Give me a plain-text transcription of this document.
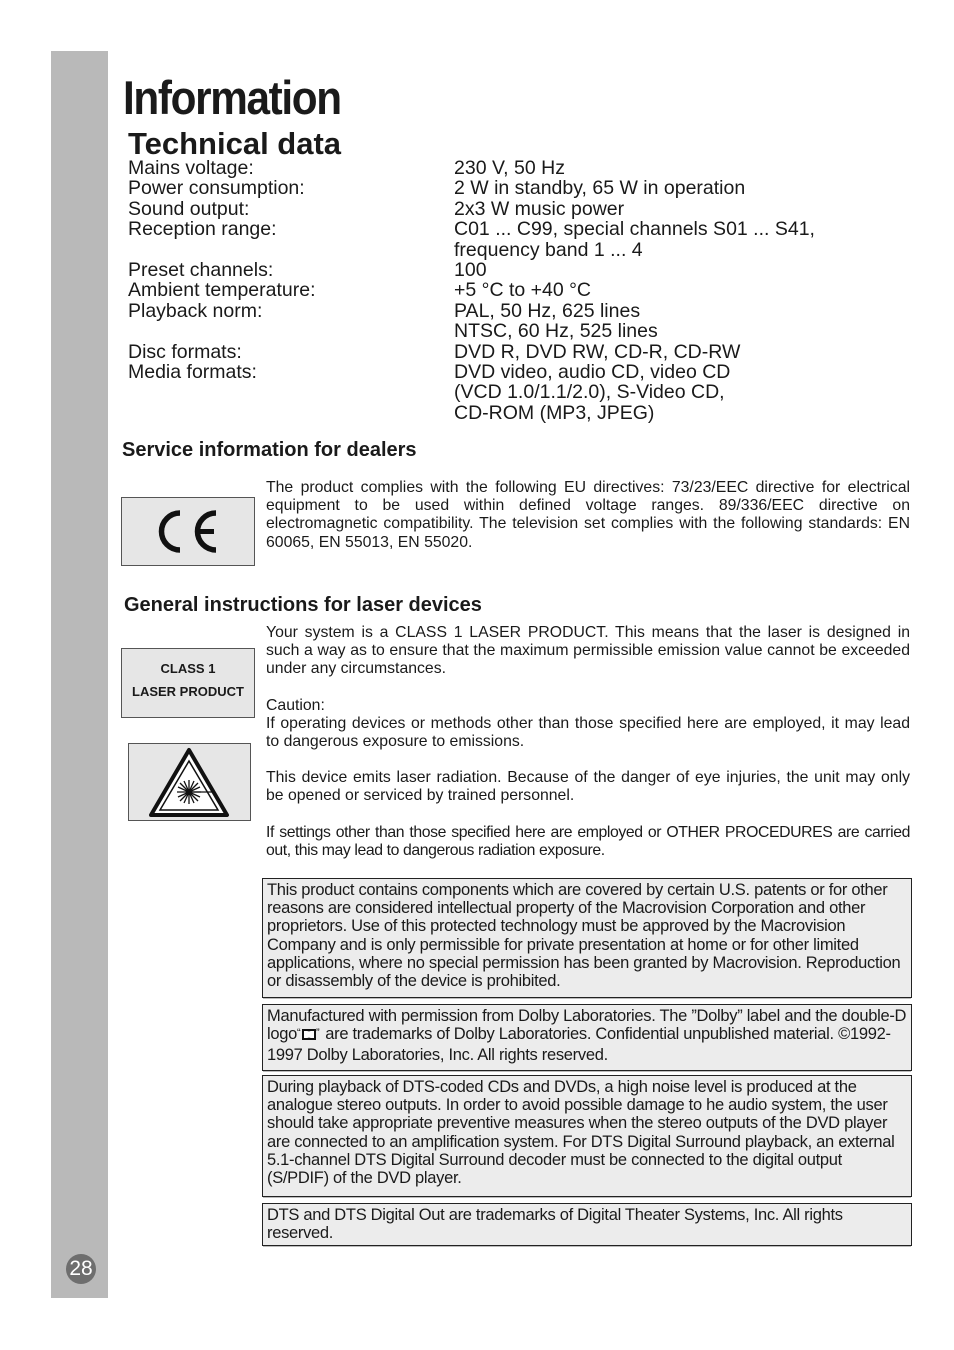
28
Information
Technical data
Mains voltage:	230 V, 50 Hz
Power consumption:	2 W in standby, 65 W in operation
Sound output:	2x3 W music power
Reception range:	C01 ... C99, special channels S01 ... S41,
frequency band 1 ... 4
Preset channels:	100
Ambient temperature:	+5 °C to +40 °C
Playback norm:	PAL, 50 Hz, 625 lines
NTSC, 60 Hz, 525 lines
Disc formats:	DVD R, DVD RW, CD-R, CD-RW
Media formats:	DVD video, audio CD, video CD
(VCD 1.0/1.1/2.0), S-Video CD,
CD-ROM (MP3, JPEG)
Service information for dealers

The product complies with the following EU directives: 73/23/EEC directive for electrical equipment to be used within defined voltage ranges. 89/336/EEC directive on electromagnetic compatibility. The television set complies with the following standards: EN 60065, EN 55013, EN 55020.

General instructions for laser devices
CLASS 1
LASER PRODUCT

Your system is a CLASS 1 LASER PRODUCT. This means that the laser is designed in such a way as to ensure that the maximum permissible emission value cannot be exceeded under any circumstances.

Caution:

If operating devices or methods other than those specified here are employed, it may lead to dangerous exposure to emissions.

This device emits laser radiation. Because of the danger of eye injuries, the unit may only be opened or serviced by trained personnel.

If settings other than those specified here are employed or OTHER PROCEDURES are carried out, this may lead to dangerous radiation exposure.

This product contains components which are covered by certain U.S. patents or for other reasons are considered intellectual property of the Macrovision Corporation and other proprietors. Use of this protected technology must be approved by the Macrovision Company and is only permissible for private presentation at home or for other limited applications, where no special permission has been granted by Macrovision. Reproduction or disassembly of the device is prohibited.
Manufactured with permission from Dolby Laboratories. The ”Dolby” label and the double-D logo “ ” are trademarks of Dolby Laboratories. Confidential unpublished material. ©1992-1997 Dolby Laboratories, Inc. All rights reserved.
During playback of DTS-coded CDs and DVDs, a high noise level is produced at the analogue stereo outputs. In order to avoid possible damage to he audio system, the user should take appropriate preventive measures when the stereo outputs of the DVD player are connected to an amplification system. For DTS Digital Surround playback, an external 5.1-channel DTS Digital Surround decoder must be connected to the digital output (S/PDIF) of the DVD player.
DTS and DTS Digital Out are trademarks of Digital Theater Systems, Inc. All rights reserved.
